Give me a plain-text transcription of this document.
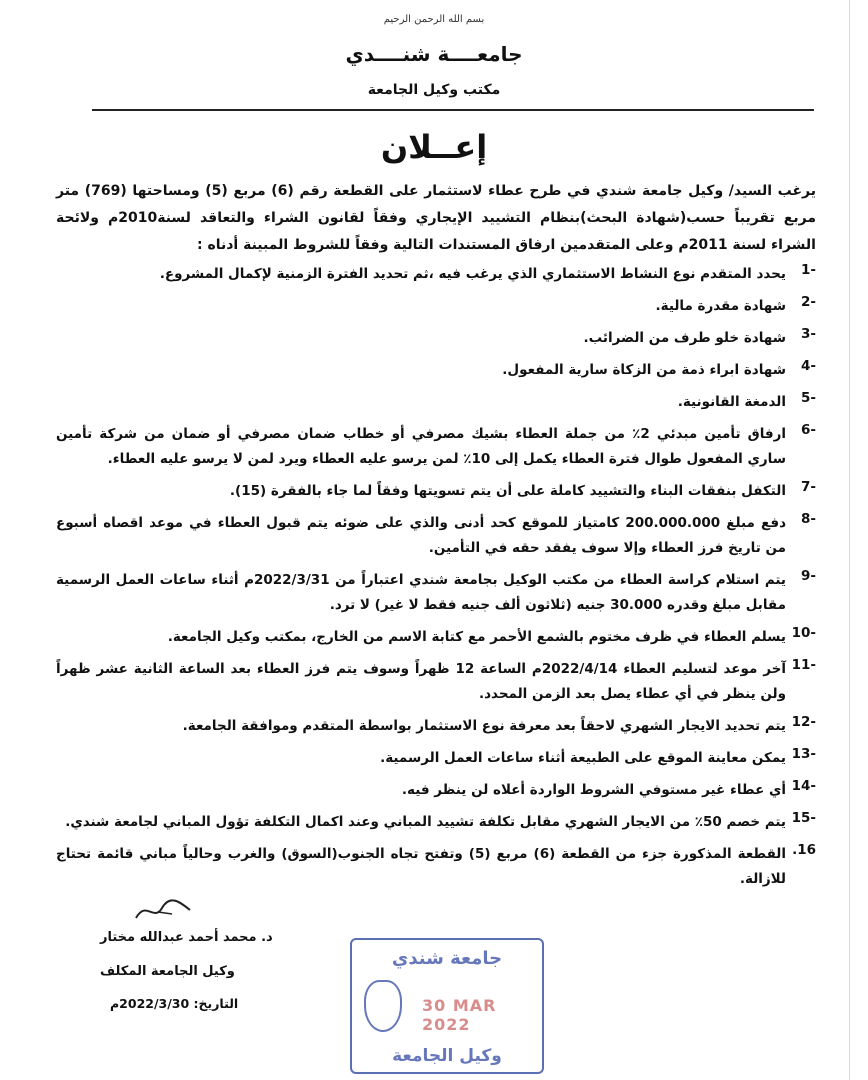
بسم الله الرحمن الرحيم
جامعــــة شنــــدي
مكتب وكيل الجامعة
إعــلان
يرغب السيد/ وكيل جامعة شندي في طرح عطاء لاستثمار على القطعة رقم (6) مربع (5) ومساحتها (769) متر مربع تقريباً حسب(شهادة البحث)بنظام التشييد الإيجاري وفقاً لقانون الشراء والتعاقد لسنة2010م ولائحة الشراء لسنة 2011م وعلى المتقدمين ارفاق المستندات التالية وفقاً للشروط المبينة أدناه :
1-
يحدد المتقدم نوع النشاط الاستثماري الذي يرغب فيه ،ثم تحديد الفترة الزمنية لإكمال المشروع.
2-
شهادة مقدرة مالية.
3-
شهادة خلو طرف من الضرائب.
4-
شهادة ابراء ذمة من الزكاة سارية المفعول.
5-
الدمغة القانونية.
6-
ارفاق تأمين مبدئي 2٪ من جملة العطاء بشيك مصرفي أو خطاب ضمان مصرفي أو ضمان من شركة تأمين ساري المفعول طوال فترة العطاء يكمل إلى 10٪ لمن يرسو عليه العطاء ويرد لمن لا يرسو عليه العطاء.
7-
التكفل بنفقات البناء والتشييد كاملة على أن يتم تسويتها وفقاً لما جاء بالفقرة (15).
8-
دفع مبلغ 200.000.000 كامتياز للموقع كحد أدنى والذي على ضوئه يتم قبول العطاء في موعد اقصاه أسبوع من تاريخ فرز العطاء وإلا سوف يفقد حقه في التأمين.
9-
يتم استلام كراسة العطاء من مكتب الوكيل بجامعة شندي اعتباراً من 2022/3/31م أثناء ساعات العمل الرسمية مقابل مبلغ وقدره 30.000 جنيه (ثلاثون ألف جنيه فقط لا غير) لا ترد.
10-
يسلم العطاء في ظرف مختوم بالشمع الأحمر مع كتابة الاسم من الخارج، بمكتب وكيل الجامعة.
11-
آخر موعد لتسليم العطاء 2022/4/14م الساعة 12 ظهراً وسوف يتم فرز العطاء بعد الساعة الثانية عشر ظهراً ولن ينظر في أي عطاء يصل بعد الزمن المحدد.
12-
يتم تحديد الايجار الشهري لاحقاً بعد معرفة نوع الاستثمار بواسطة المتقدم وموافقة الجامعة.
13-
يمكن معاينة الموقع على الطبيعة أثناء ساعات العمل الرسمية.
14-
أي عطاء غير مستوفي الشروط الواردة أعلاه لن ينظر فيه.
15-
يتم خصم 50٪ من الايجار الشهري مقابل تكلفة تشييد المباني وعند اكمال التكلفة تؤول المباني لجامعة شندي.
.16
القطعة المذكورة جزء من القطعة (6) مربع (5) وتفتح تجاه الجنوب(السوق) والغرب وحالياً مباني قائمة تحتاج للازالة.
د. محمد أحمد عبدالله مختار
وكيل الجامعة المكلف
التاريخ: 2022/3/30م
جامعة شندي
30 MAR 2022
وكيل الجامعة
